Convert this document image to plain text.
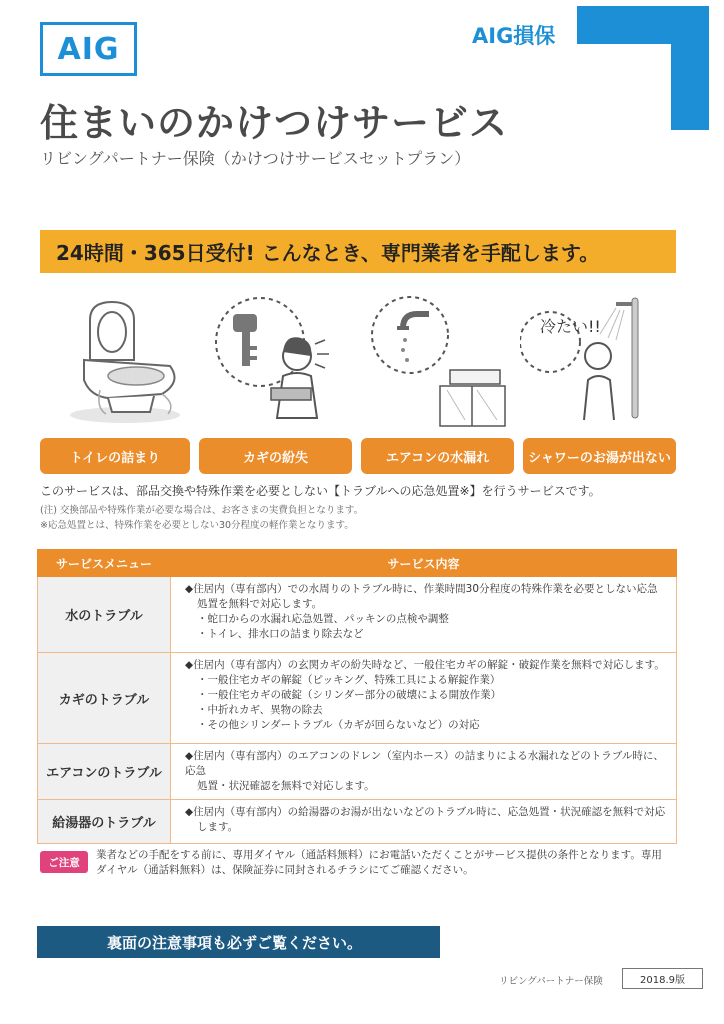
AIG	AIG損保
住まいのかけつけサービス
リビングパートナー保険（かけつけサービスセットプラン）
24時間・365日受付! こんなとき、専門業者を手配します。
冷たい!!
トイレの詰まり	カギの紛失	エアコンの水漏れ	シャワーのお湯が出ない
このサービスは、部品交換や特殊作業を必要としない【トラブルへの応急処置※】を行うサービスです。
(注) 交換部品や特殊作業が必要な場合は、お客さまの実費負担となります。
※応急処置とは、特殊作業を必要としない30分程度の軽作業となります。
サービスメニュー	サービス内容
水のトラブル	◆住居内（専有部内）での水周りのトラブル時に、作業時間30分程度の特殊作業を必要としない応急
処置を無料で対応します。
・蛇口からの水漏れ応急処置、パッキンの点検や調整
・トイレ、排水口の詰まり除去など

カギのトラブル	◆住居内（専有部内）の玄関カギの紛失時など、一般住宅カギの解錠・破錠作業を無料で対応します。
・一般住宅カギの解錠（ピッキング、特殊工具による解錠作業）
・一般住宅カギの破錠（シリンダー部分の破壊による開放作業）
・中折れカギ、異物の除去
・その他シリンダートラブル（カギが回らないなど）の対応

エアコンのトラブル	◆住居内（専有部内）のエアコンのドレン（室内ホース）の詰まりによる水漏れなどのトラブル時に、応急
処置・状況確認を無料で対応します。

給湯器のトラブル	◆住居内（専有部内）の給湯器のお湯が出ないなどのトラブル時に、応急処置・状況確認を無料で対応
します。
ご注意
業者などの手配をする前に、専用ダイヤル（通話料無料）にお電話いただくことがサービス提供の条件となります。専用
ダイヤル（通話料無料）は、保険証券に同封されるチラシにてご確認ください。
裏面の注意事項も必ずご覧ください。
リビングパートナー保険	2018.9版
